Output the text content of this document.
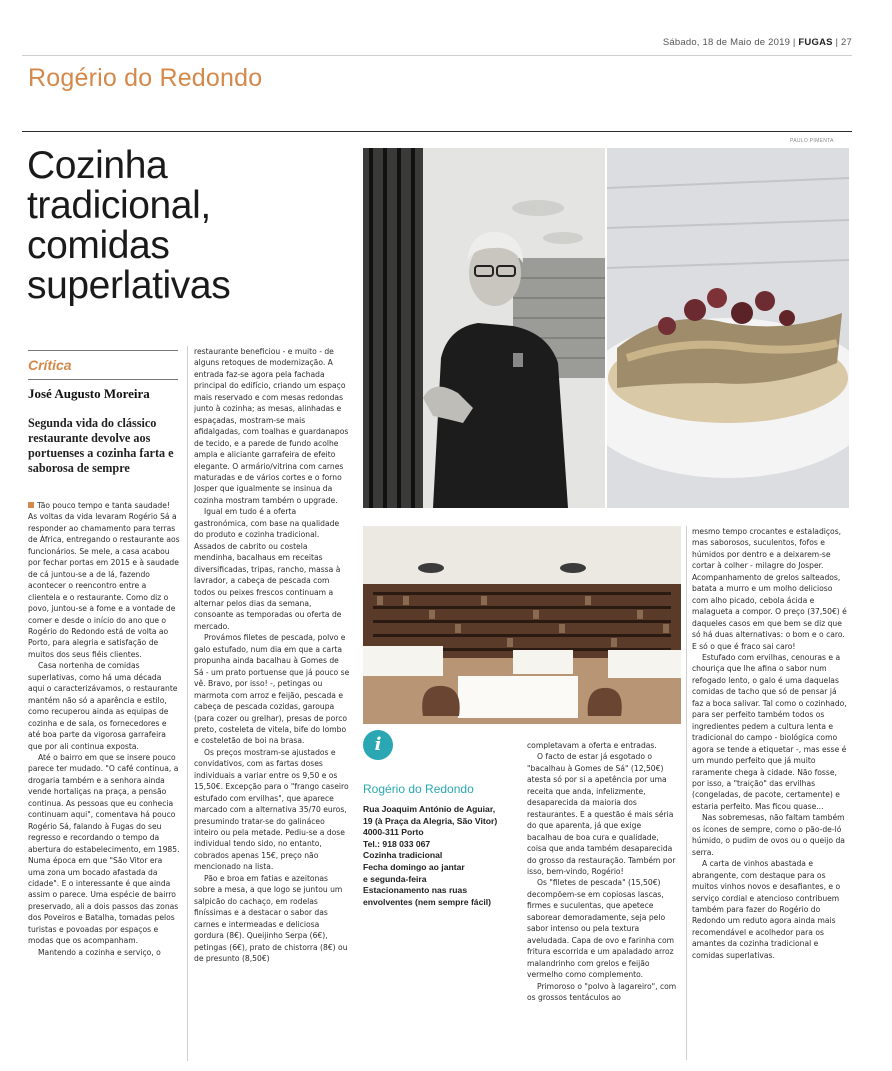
Sábado, 18 de Maio de 2019 | FUGAS | 27
Rogério do Redondo
PAULO PIMENTA
Cozinha
tradicional,
comidas
superlativas
Crítica
José Augusto Moreira
Segunda vida do clássico restaurante devolve aos portuenses a cozinha farta e saborosa de sempre

Tão pouco tempo e tanta saudade! As voltas da vida levaram Rogério Sá a responder ao chamamento para terras de África, entregando o restaurante aos funcionários. Se mele, a casa acabou por fechar portas em 2015 e à saudade de cá juntou-se a de lá, fazendo acontecer o reencontro entre a clientela e o restaurante. Como diz o povo, juntou-se a fome e a vontade de comer e desde o início do ano que o Rogério do Redondo está de volta ao Porto, para alegria e satisfação de muitos dos seus fiéis clientes.

Casa nortenha de comidas superlativas, como há uma década aqui o caracterizávamos, o restaurante mantém não só a aparência e estilo, como recuperou ainda as equipas de cozinha e de sala, os fornecedores e até boa parte da vigorosa garrafeira que por ali continua exposta.

Até o bairro em que se insere pouco parece ter mudado. "O café continua, a drogaria também e a senhora ainda vende hortaliças na praça, a pensão continua. As pessoas que eu conhecia continuam aqui", comentava há pouco Rogério Sá, falando à Fugas do seu regresso e recordando o tempo da abertura do estabelecimento, em 1985. Numa época em que "São Vitor era uma zona um bocado afastada da cidade". E o interessante é que ainda assim o parece. Uma espécie de bairro preservado, ali a dois passos das zonas dos Poveiros e Batalha, tomadas pelos turistas e povoadas por espaços e modas que os acompanham.

Mantendo a cozinha e serviço, o

restaurante beneficiou - e muito - de alguns retoques de modernização. A entrada faz-se agora pela fachada principal do edifício, criando um espaço mais reservado e com mesas redondas junto à cozinha; as mesas, alinhadas e espaçadas, mostram-se mais afidalgadas, com toalhas e guardanapos de tecido, e a parede de fundo acolhe ampla e aliciante garrafeira de efeito elegante. O armário/vitrina com carnes maturadas e de vários cortes e o forno Josper que igualmente se insinua da cozinha mostram também o upgrade.

Igual em tudo é a oferta gastronómica, com base na qualidade do produto e cozinha tradicional. Assados de cabrito ou costela mendinha, bacalhaus em receitas diversificadas, tripas, rancho, massa à lavrador, a cabeça de pescada com todos ou peixes frescos continuam a alternar pelos dias da semana, consoante as temporadas ou oferta de mercado.

Provámos filetes de pescada, polvo e galo estufado, num dia em que a carta propunha ainda bacalhau à Gomes de Sá - um prato portuense que já pouco se vê. Bravo, por isso! -, petingas ou marmota com arroz e feijão, pescada e cabeça de pescada cozidas, garoupa (para cozer ou grelhar), presas de porco preto, costeleta de vitela, bife do lombo e costeletão de boi na brasa.

Os preços mostram-se ajustados e convidativos, com as fartas doses individuais a variar entre os 9,50 e os 15,50€. Excepção para o "frango caseiro estufado com ervilhas", que aparece marcado com a alternativa 35/70 euros, presumindo tratar-se do galináceo inteiro ou pela metade. Pediu-se a dose individual tendo sido, no entanto, cobrados apenas 15€, preço não mencionado na lista.

Pão e broa em fatias e azeitonas sobre a mesa, a que logo se juntou um salpicão do cachaço, em rodelas finíssimas e a destacar o sabor das carnes e intermeadas e deliciosa gordura (8€). Queijinho Serpa (6€), petingas (6€), prato de chistorra (8€) ou de presunto (8,50€)

i
Rogério do Redondo
Rua Joaquim António de Aguiar,
19 (à Praça da Alegria, São Vitor)
4000-311 Porto
Tel.: 918 033 067
Cozinha tradicional
Fecha domingo ao jantar
e segunda-feira
Estacionamento nas ruas
envolventes (nem sempre fácil)

completavam a oferta e entradas.

O facto de estar já esgotado o "bacalhau à Gomes de Sá" (12,50€) atesta só por si a apetência por uma receita que anda, infelizmente, desaparecida da maioria dos restaurantes. E a questão é mais séria do que aparenta, já que exige bacalhau de boa cura e qualidade, coisa que anda também desaparecida do grosso da restauração. Também por isso, bem-vindo, Rogério!

Os "filetes de pescada" (15,50€) decompõem-se em copiosas lascas, firmes e suculentas, que apetece saborear demoradamente, seja pelo sabor intenso ou pela textura aveludada. Capa de ovo e farinha com fritura escorrida e um apaladado arroz malandrinho com grelos e feijão vermelho como complemento.

Primoroso o "polvo à lagareiro", com os grossos tentáculos ao

mesmo tempo crocantes e estaladiços, mas saborosos, suculentos, fofos e húmidos por dentro e a deixarem-se cortar à colher - milagre do Josper. Acompanhamento de grelos salteados, batata a murro e um molho delicioso com alho picado, cebola ácida e malagueta a compor. O preço (37,50€) é daqueles casos em que bem se diz que só há duas alternativas: o bom e o caro. E só o que é fraco sai caro!

Estufado com ervilhas, cenouras e a chouriça que lhe afina o sabor num refogado lento, o galo é uma daquelas comidas de tacho que só de pensar já faz a boca salivar. Tal como o cozinhado, para ser perfeito também todos os ingredientes pedem a cultura lenta e tradicional do campo - biológica como agora se tende a etiquetar -, mas esse é um mundo perfeito que já muito raramente chega à cidade. Não fosse, por isso, a "traição" das ervilhas (congeladas, de pacote, certamente) e estaria perfeito. Mas ficou quase...

Nas sobremesas, não faltam também os ícones de sempre, como o pão-de-ló húmido, o pudim de ovos ou o queijo da serra.

A carta de vinhos abastada e abrangente, com destaque para os muitos vinhos novos e desafiantes, e o serviço cordial e atencioso contribuem também para fazer do Rogério do Redondo um reduto agora ainda mais recomendável e acolhedor para os amantes da cozinha tradicional e comidas superlativas.
